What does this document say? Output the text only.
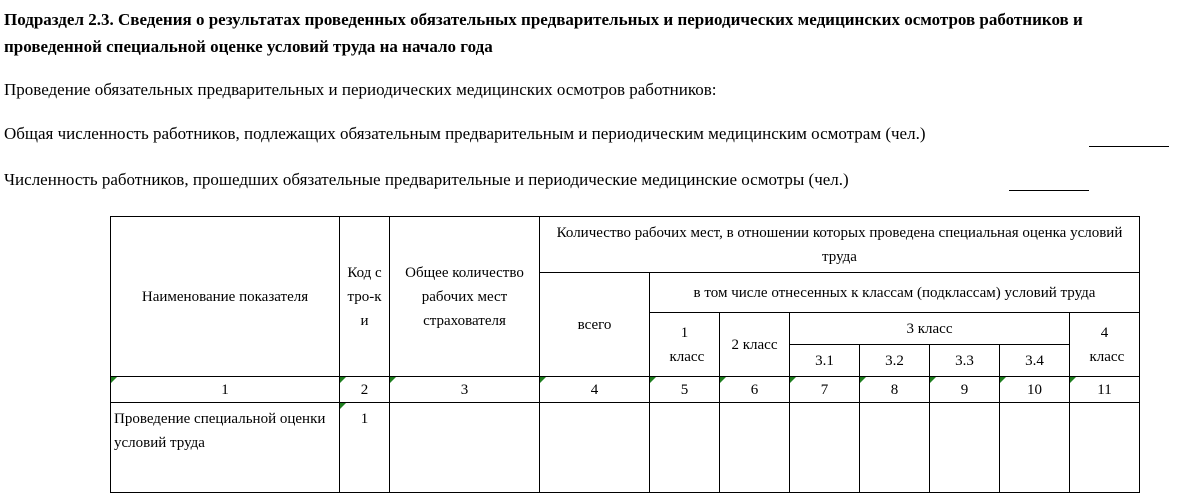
Подраздел 2.3. Сведения о результатах проведенных обязательных предварительных и периодических медицинских осмотров работников и проведенной специальной оценке условий труда на начало года
Проведение обязательных предварительных и периодических медицинских осмотров работников:
Общая численность работников, подлежащих обязательным предварительным и периодическим медицинским осмотрам (чел.)
Численность работников, прошедших обязательные предварительные и периодические медицинские осмотры (чел.)
Наименование показателя	Код стро-ки	Общее количество рабочих мест страхователя	Количество рабочих мест, в отношении которых проведена специальная оценка условий труда							
			всего	в том числе отнесенных к классам (подклассам) условий труда						

				1 класс	2 класс	3 класс				4 класс

						3.1	3.2	3.3	3.4	
1	2	3	4	5	6	7	8	9	10	11
Проведение специальной оценки условий труда	1									
